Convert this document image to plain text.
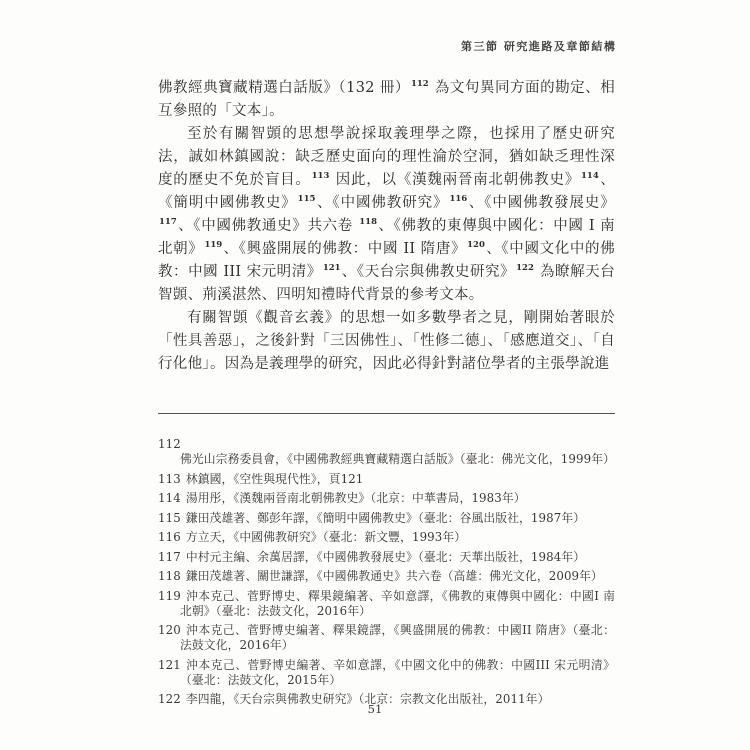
第三節 研究進路及章節結構

佛教經典寶藏精選白話版》（132 冊）$^{112}$ 為文句異同方面的勘定、相互參照的「文本」。

至於有關智顗的思想學說採取義理學之際，也採用了歷史研究法，誠如林鎮國說：缺乏歷史面向的理性淪於空洞，猶如缺乏理性深度的歷史不免於盲目。$^{113}$ 因此，以《漢魏兩晉南北朝佛教史》$^{114}$、《簡明中國佛教史》$^{115}$、《中國佛教研究》$^{116}$、《中國佛教發展史》$^{117}$、《中國佛教通史》共六卷 $^{118}$、《佛教的東傳與中國化：中國 I 南北朝》$^{119}$、《興盛開展的佛教：中國 II 隋唐》$^{120}$、《中國文化中的佛教：中國 III 宋元明清》$^{121}$、《天台宗與佛教史研究》$^{122}$ 為瞭解天台智顗、荊溪湛然、四明知禮時代背景的參考文本。

有關智顗《觀音玄義》的思想一如多數學者之見，剛開始著眼於「性具善惡」，之後針對「三因佛性」、「性修二德」、「感應道交」、「自行化他」。因為是義理學的研究，因此必得針對諸位學者的主張學說進

112佛光山宗務委員會，《中國佛教經典寶藏精選白話版》（臺北：佛光文化，1999年）
113 林鎮國，《空性與現代性》，頁121
114 湯用彤，《漢魏兩晉南北朝佛教史》（北京：中華書局，1983年）
115 鎌田茂雄著、鄭彭年譯，《簡明中國佛教史》（臺北：谷風出版社，1987年）
116 方立天，《中國佛教研究》（臺北：新文豐，1993年）
117 中村元主編、余萬居譯，《中國佛教發展史》（臺北：天華出版社，1984年）
118 鎌田茂雄著、關世謙譯，《中國佛教通史》共六卷（高雄：佛光文化，2009年）
119 沖本克己、菅野博史、釋果鏡編著、辛如意譯，《佛教的東傳與中國化：中國I 南北朝》（臺北：法鼓文化，2016年）
120 沖本克己、菅野博史編著、釋果鏡譯，《興盛開展的佛教：中國II 隋唐》（臺北：法鼓文化，2016年）
121 沖本克己、菅野博史編著、辛如意譯，《中國文化中的佛教：中國III 宋元明清》（臺北：法鼓文化，2015年）
122 李四龍，《天台宗與佛教史研究》（北京：宗教文化出版社，2011年）
51
